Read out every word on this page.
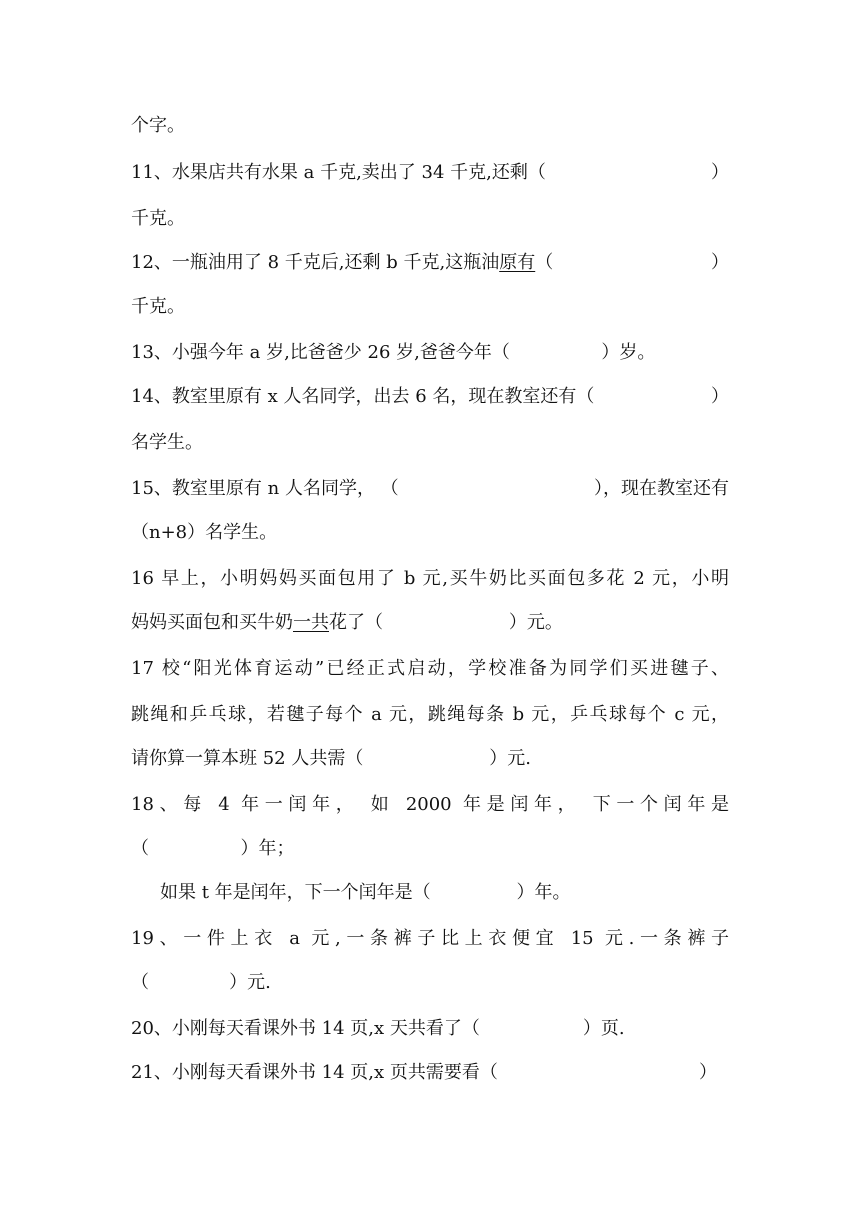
个字。
11、水果店共有水果 a 千克,卖出了 34 千克,还剩（	）
千克。
12、一瓶油用了 8 千克后,还剩 b 千克,这瓶油原有（	）
千克。
13、小强今年 a 岁,比爸爸少 26 岁,爸爸今年（                ）岁。
14、教室里原有 x 人名同学，出去 6 名，现在教室还有（	）
名学生。
15、教室里原有 n 人名同学， （	），现在教室还有
（n+8）名学生。
16 早上，小明妈妈买面包用了 b 元,买牛奶比买面包多花 2 元，小明
妈妈买面包和买牛奶一共花了（                      ）元。
17 校“阳光体育运动”已经正式启动，学校准备为同学们买进毽子、
跳绳和乒乓球，若毽子每个 a 元，跳绳每条 b 元，乒乓球每个 c 元，
请你算一算本班 52 人共需（                      ）元.
18、每 4 年一闰年， 如 2000 年是闰年， 下一个闰年是
（                ）年；
如果 t 年是闰年，下一个闰年是（               ）年。
19、一件上衣 a 元,一条裤子比上衣便宜 15 元.一条裤子
（              ）元.
20、小刚每天看课外书 14 页,x 天共看了（                  ）页.
21、小刚每天看课外书 14 页,x 页共需要看（	）
